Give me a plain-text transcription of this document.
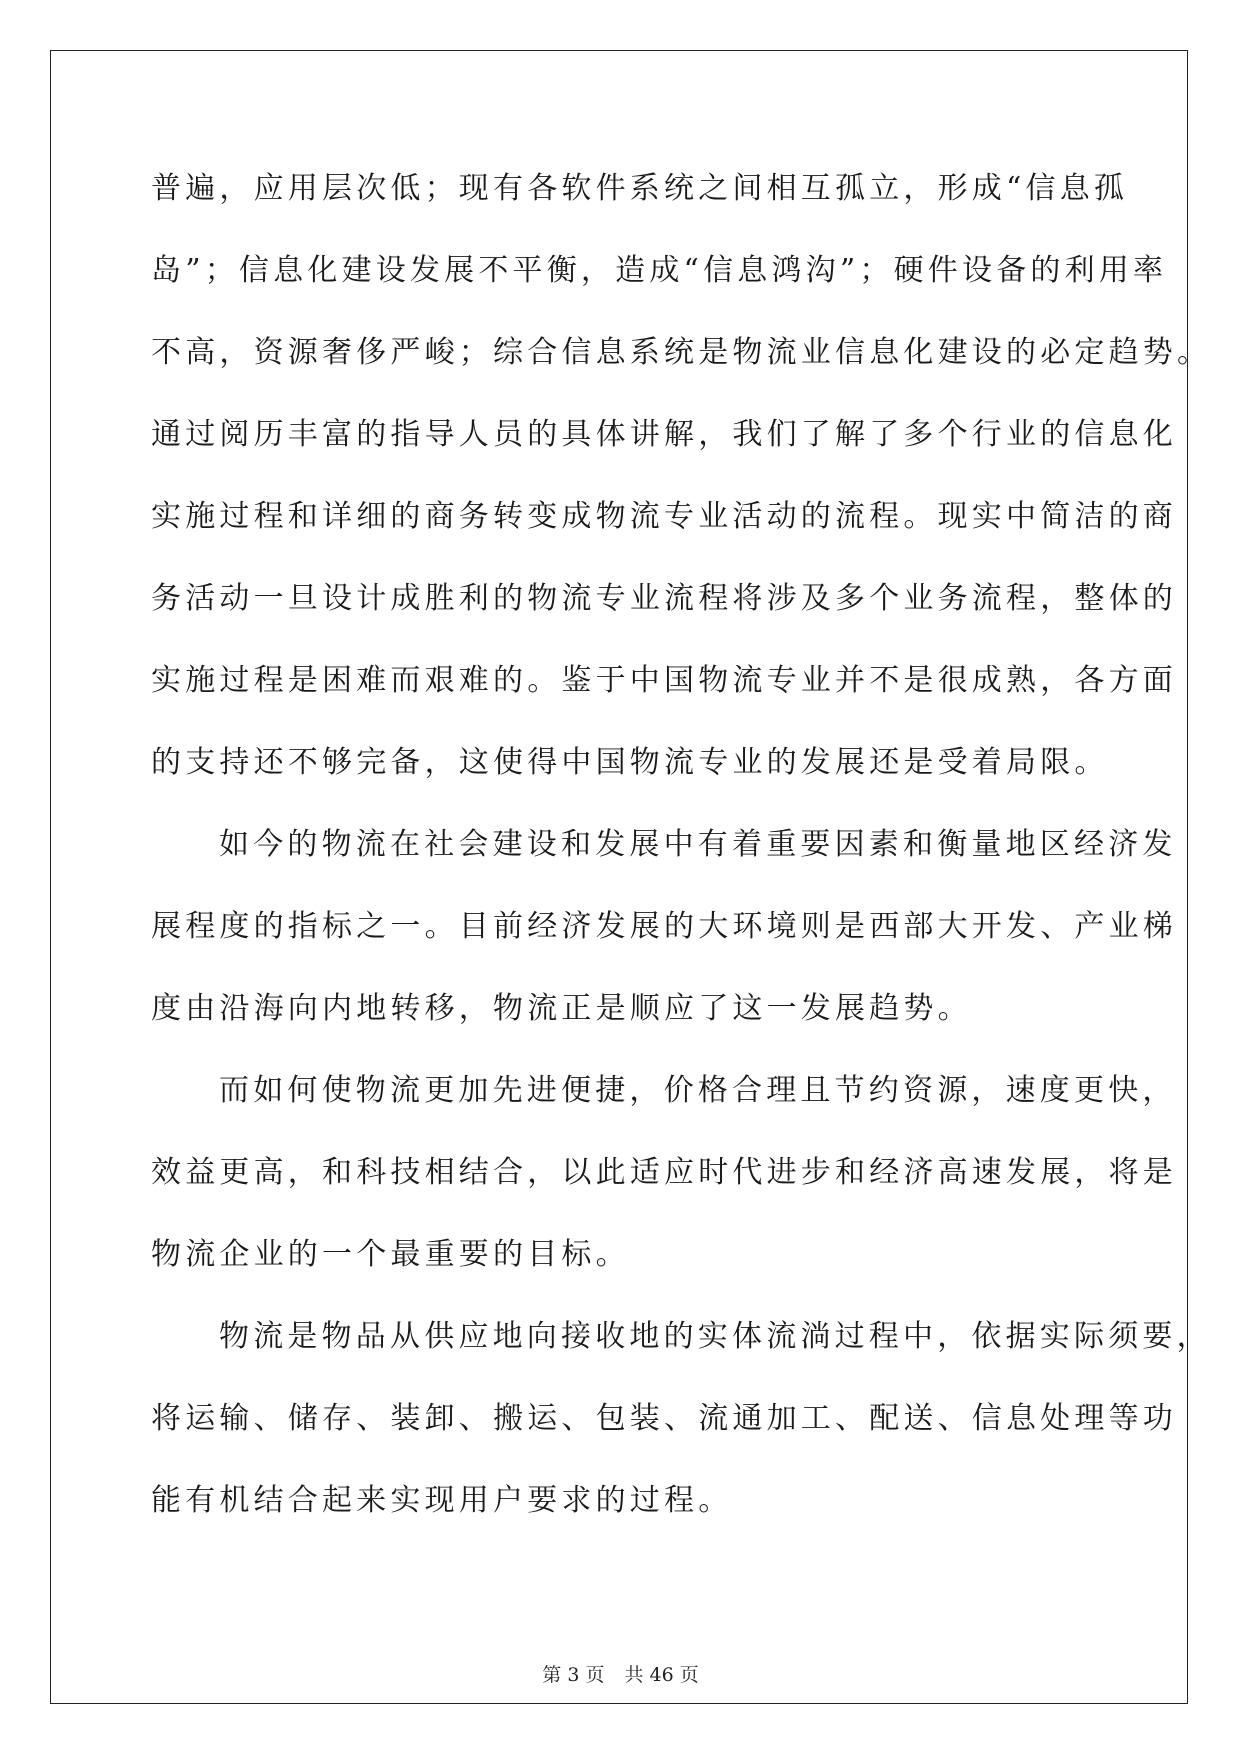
普遍，应用层次低；现有各软件系统之间相互孤立，形成“信息孤
岛”；信息化建设发展不平衡，造成“信息鸿沟”；硬件设备的利用率
不高，资源奢侈严峻；综合信息系统是物流业信息化建设的必定趋势。
通过阅历丰富的指导人员的具体讲解，我们了解了多个行业的信息化
实施过程和详细的商务转变成物流专业活动的流程。现实中简洁的商
务活动一旦设计成胜利的物流专业流程将涉及多个业务流程，整体的
实施过程是困难而艰难的。鉴于中国物流专业并不是很成熟，各方面
的支持还不够完备，这使得中国物流专业的发展还是受着局限。
如今的物流在社会建设和发展中有着重要因素和衡量地区经济发
展程度的指标之一。目前经济发展的大环境则是西部大开发、产业梯
度由沿海向内地转移，物流正是顺应了这一发展趋势。
而如何使物流更加先进便捷，价格合理且节约资源，速度更快，
效益更高，和科技相结合，以此适应时代进步和经济高速发展，将是
物流企业的一个最重要的目标。
物流是物品从供应地向接收地的实体流淌过程中，依据实际须要，
将运输、储存、装卸、搬运、包装、流通加工、配送、信息处理等功
能有机结合起来实现用户要求的过程。
第 3 页 共 46 页
